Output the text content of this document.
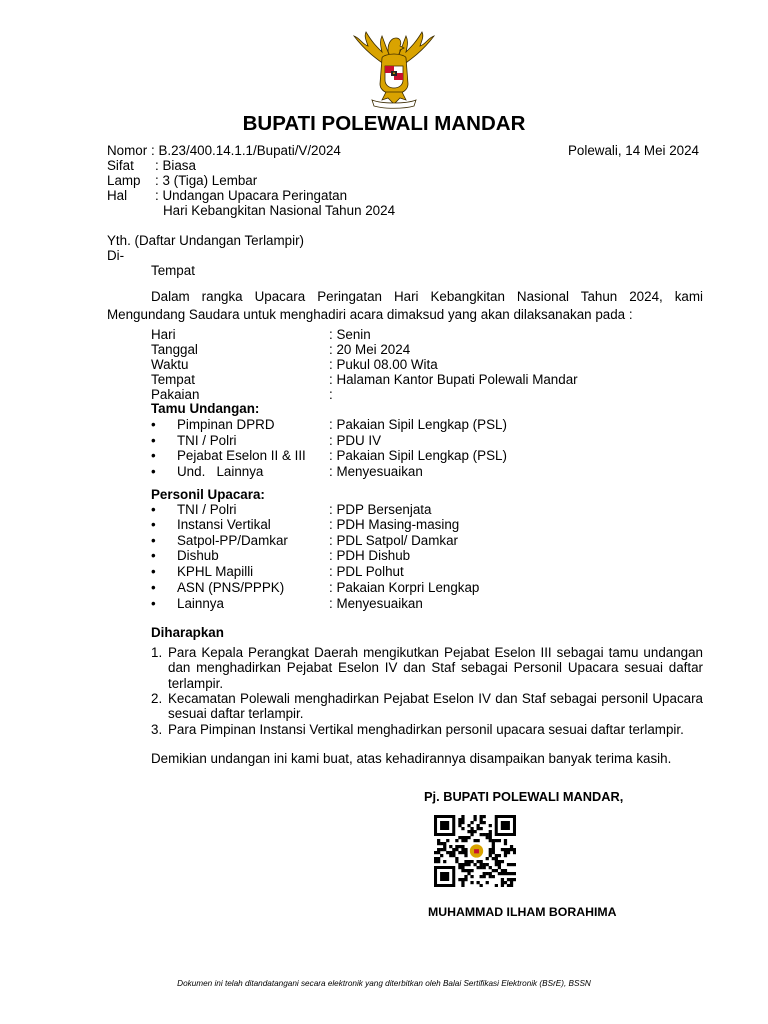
BUPATI POLEWALI MANDAR
Nomor : B.23/400.14.1.1/Bupati/V/2024	Polewali, 14 Mei 2024
Sifat : Biasa
Lamp : 3 (Tiga) Lembar
Hal : Undangan Upacara Peringatan
Hari Kebangkitan Nasional Tahun 2024
Yth. (Daftar Undangan Terlampir)
Di-
Tempat
Dalam rangka Upacara Peringatan Hari Kebangkitan Nasional Tahun 2024, kami
Mengundang Saudara untuk menghadiri acara dimaksud yang akan dilaksanakan pada :
Hari	: Senin
Tanggal	: 20 Mei 2024
Waktu	: Pukul 08.00 Wita
Tempat	: Halaman Kantor Bupati Polewali Mandar
Pakaian	:
Tamu Undangan:
Pimpinan DPRD	: Pakaian Sipil Lengkap (PSL)
TNI / Polri	: PDU IV
Pejabat Eselon II & III : Pakaian Sipil Lengkap (PSL)
Und.   Lainnya	: Menyesuaikan
Personil Upacara:
TNI / Polri	: PDP Bersenjata
Instansi Vertikal	: PDH Masing-masing
Satpol-PP/Damkar	: PDL Satpol/ Damkar
Dishub	: PDH Dishub
KPHL Mapilli	: PDL Polhut
ASN (PNS/PPPK)	: Pakaian Korpri Lengkap
Lainnya	: Menyesuaikan
Diharapkan
1. Para Kepala Perangkat Daerah mengikutkan Pejabat Eselon III sebagai tamu undangan dan menghadirkan Pejabat Eselon IV dan Staf sebagai Personil Upacara sesuai daftar terlampir.
2. Kecamatan Polewali menghadirkan Pejabat Eselon IV dan Staf sebagai personil Upacara sesuai daftar terlampir.
3. Para Pimpinan Instansi Vertikal menghadirkan personil upacara sesuai daftar terlampir.
Demikian undangan ini kami buat, atas kehadirannya disampaikan banyak terima kasih.
Pj. BUPATI POLEWALI MANDAR,
MUHAMMAD ILHAM BORAHIMA
Dokumen ini telah ditandatangani secara elektronik yang diterbitkan oleh Balai Sertifikasi Elektronik (BSrE), BSSN
